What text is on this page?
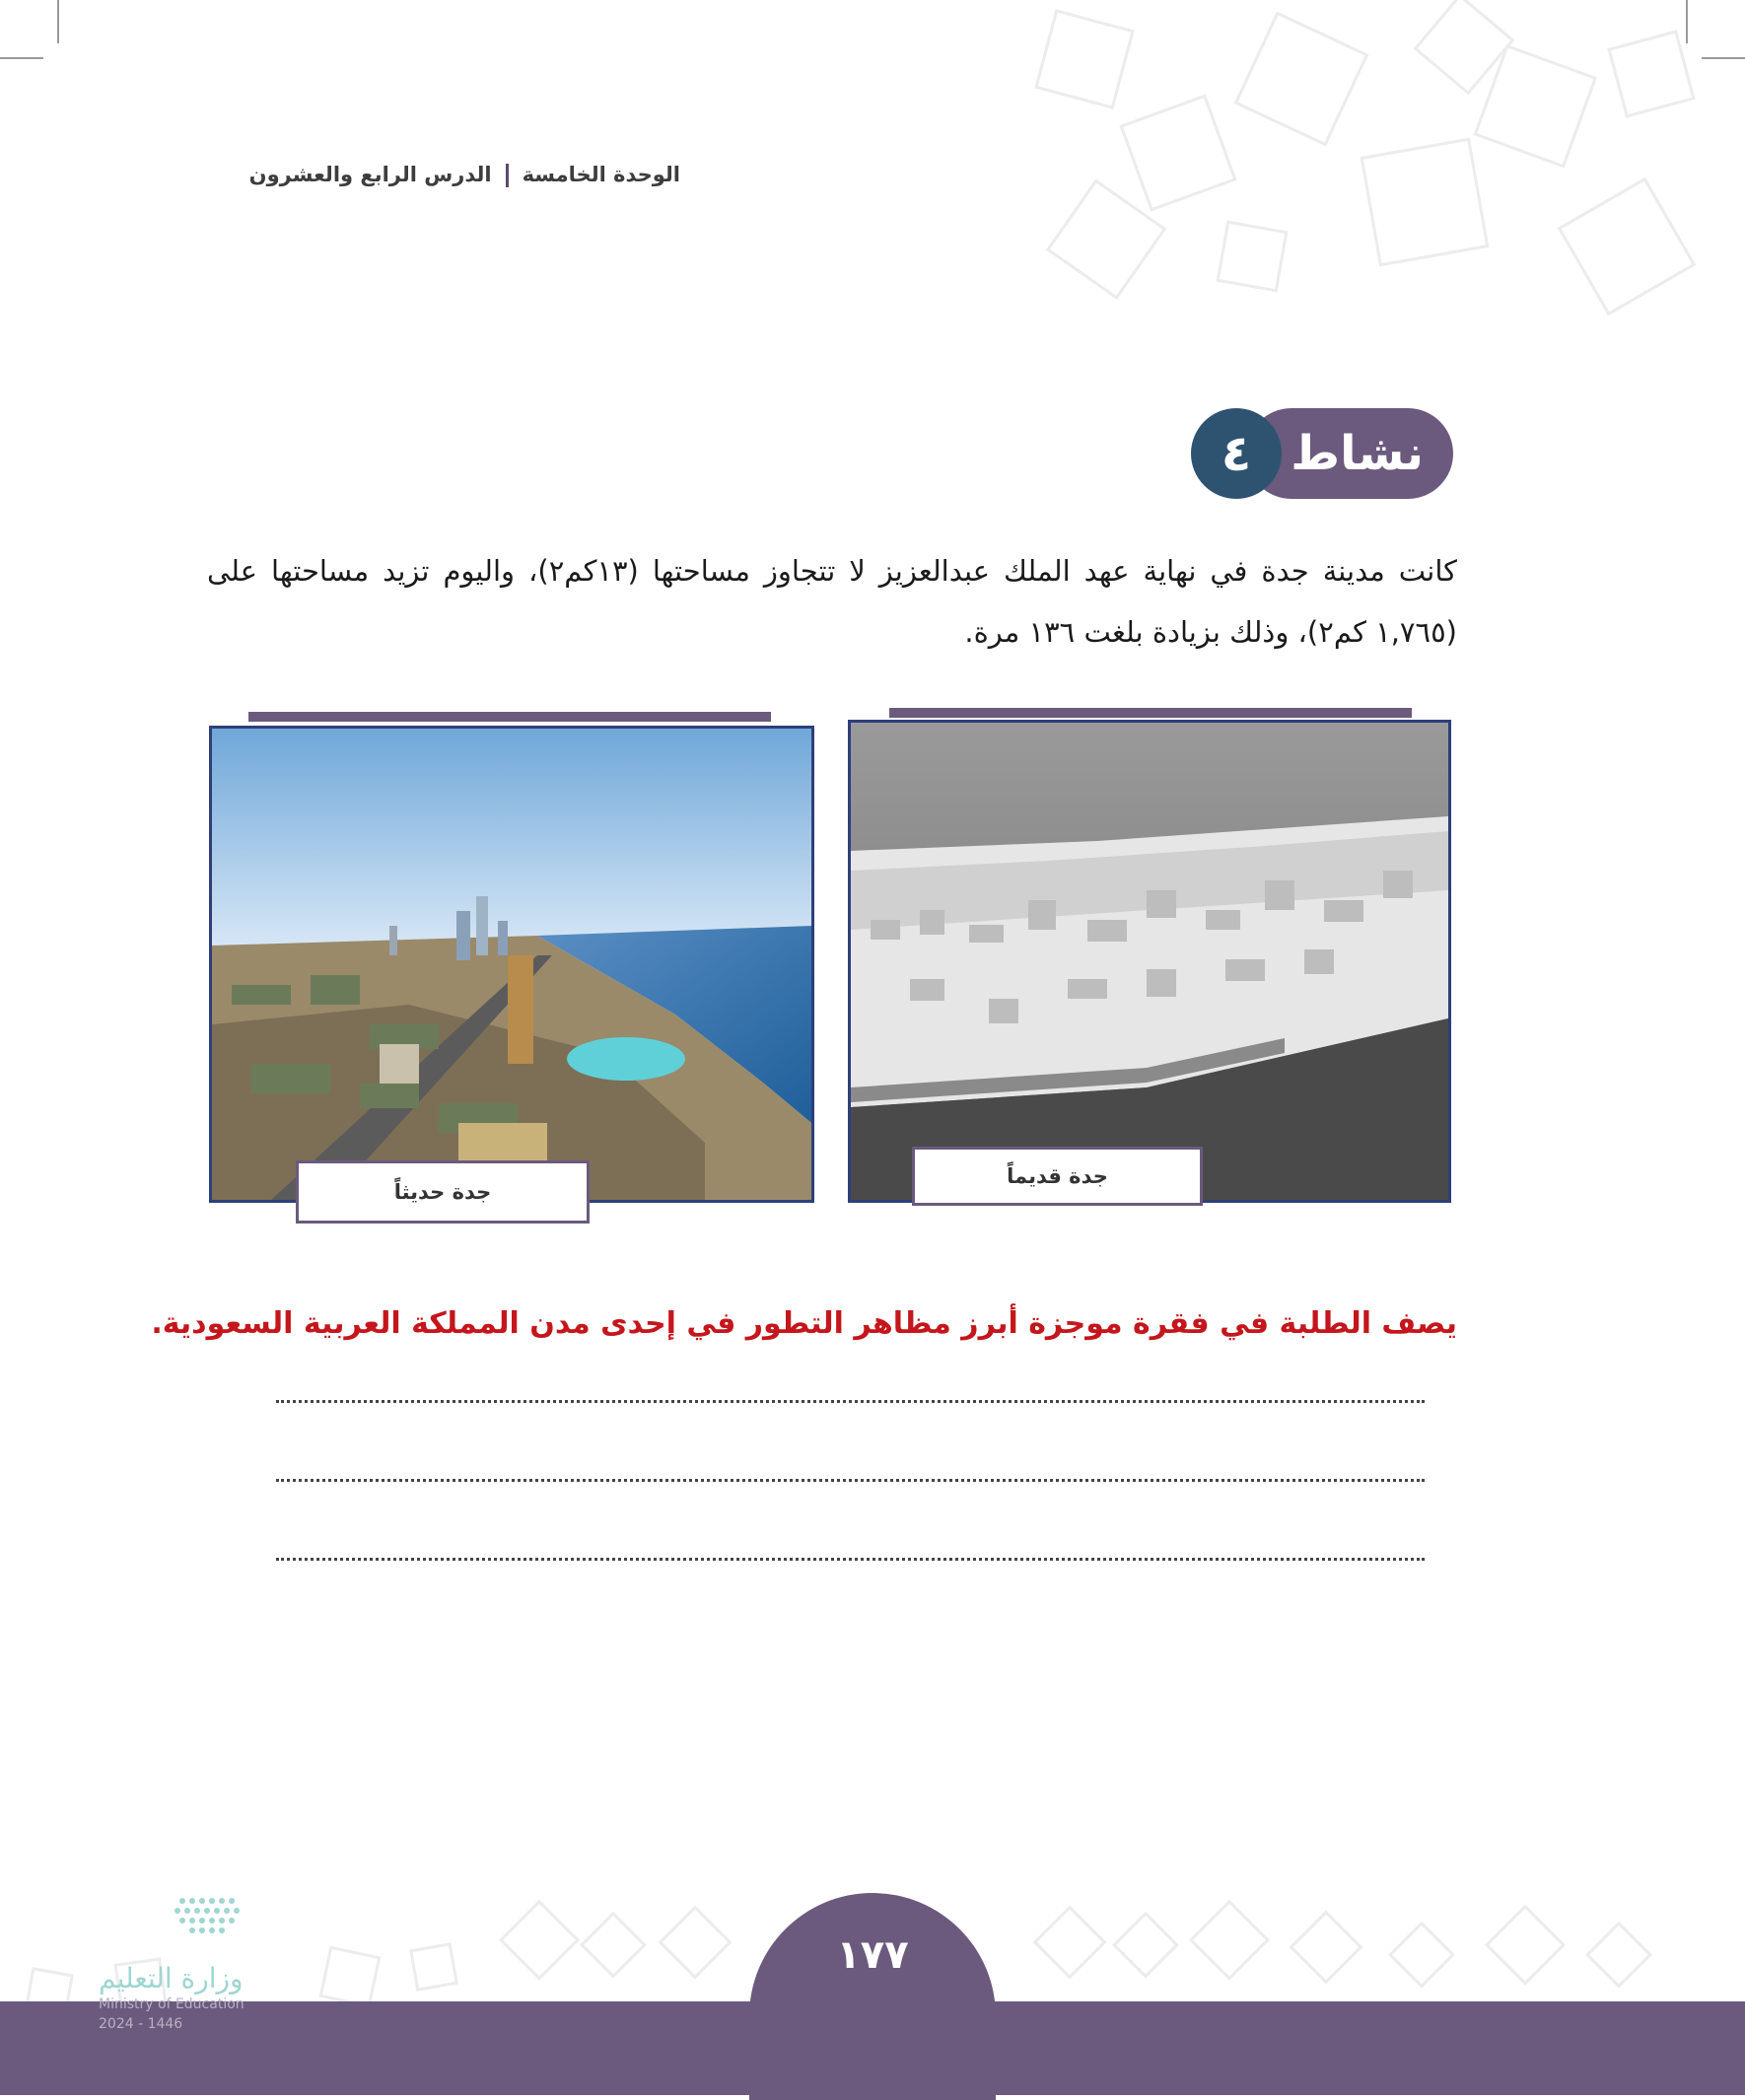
الوحدة الخامسةالدرس الرابع والعشرون
نشاط
٤
كانت مدينة جدة في نهاية عهد الملك عبدالعزيز لا تتجاوز مساحتها (١٣كم٢)، واليوم تزيد مساحتها على (١,٧٦٥ كم٢)، وذلك بزيادة بلغت ١٣٦ مرة.
جدة قديماً
جدة حديثاً
يصف الطلبة في فقرة موجزة أبرز مظاهر التطور في إحدى مدن المملكة العربية السعودية.
١٧٧
وزارة التعليم
Ministry of Education
2024 - 1446
